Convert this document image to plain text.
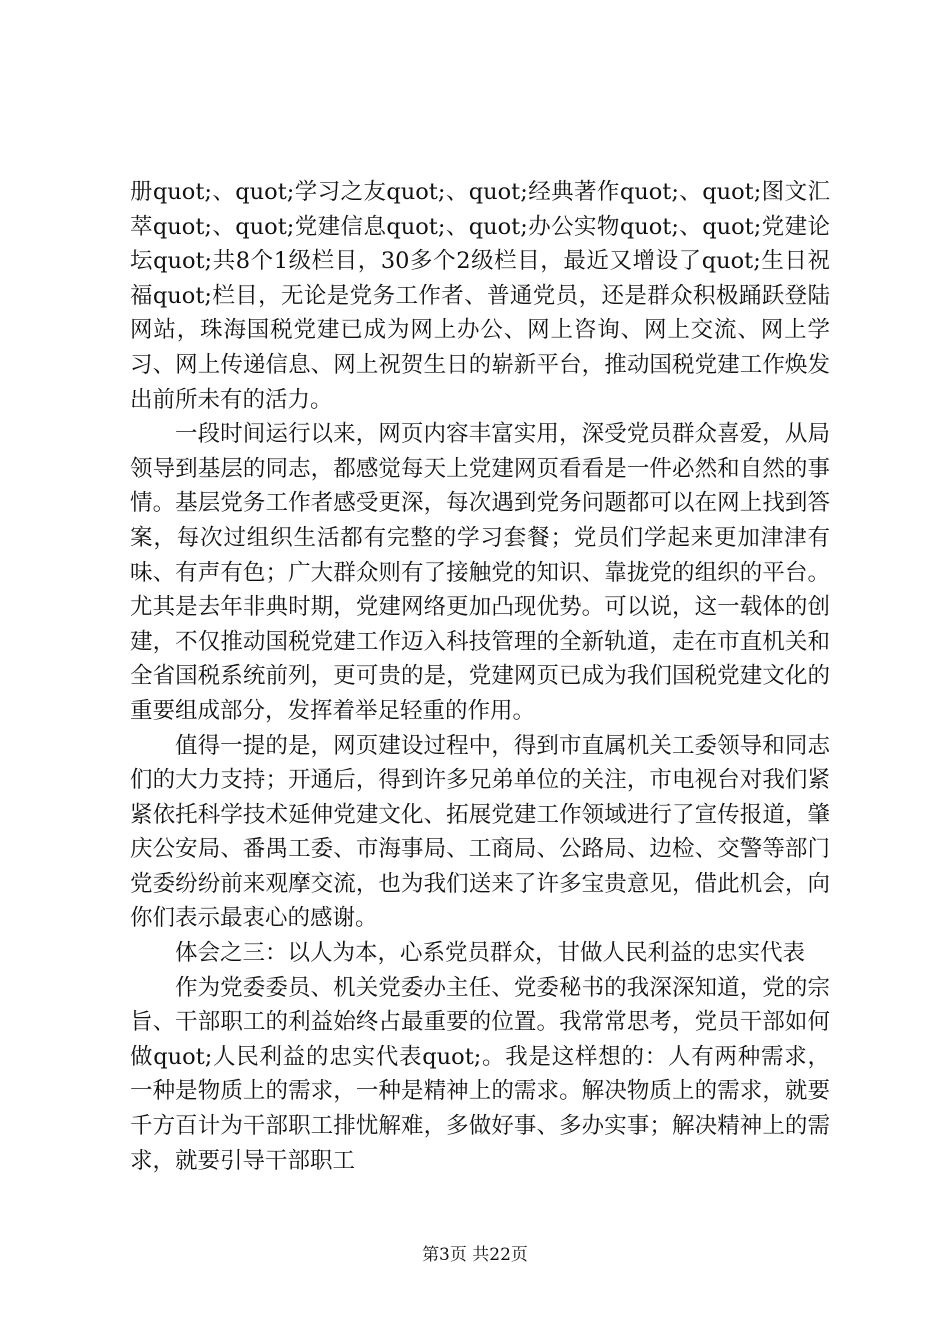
册quot;、quot;学习之友quot;、quot;经典著作quot;、quot;图文汇萃quot;、quot;党建信息quot;、quot;办公实物quot;、quot;党建论坛quot;共8个1级栏目，30多个2级栏目，最近又增设了quot;生日祝福quot;栏目，无论是党务工作者、普通党员，还是群众积极踊跃登陆网站，珠海国税党建已成为网上办公、网上咨询、网上交流、网上学习、网上传递信息、网上祝贺生日的崭新平台，推动国税党建工作焕发出前所未有的活力。

一段时间运行以来，网页内容丰富实用，深受党员群众喜爱，从局领导到基层的同志，都感觉每天上党建网页看看是一件必然和自然的事情。基层党务工作者感受更深，每次遇到党务问题都可以在网上找到答案，每次过组织生活都有完整的学习套餐；党员们学起来更加津津有味、有声有色；广大群众则有了接触党的知识、靠拢党的组织的平台。尤其是去年非典时期，党建网络更加凸现优势。可以说，这一载体的创建，不仅推动国税党建工作迈入科技管理的全新轨道，走在市直机关和全省国税系统前列，更可贵的是，党建网页已成为我们国税党建文化的重要组成部分，发挥着举足轻重的作用。

值得一提的是，网页建设过程中，得到市直属机关工委领导和同志们的大力支持；开通后，得到许多兄弟单位的关注，市电视台对我们紧紧依托科学技术延伸党建文化、拓展党建工作领域进行了宣传报道，肇庆公安局、番禺工委、市海事局、工商局、公路局、边检、交警等部门党委纷纷前来观摩交流，也为我们送来了许多宝贵意见，借此机会，向你们表示最衷心的感谢。

体会之三：以人为本，心系党员群众，甘做人民利益的忠实代表

作为党委委员、机关党委办主任、党委秘书的我深深知道，党的宗旨、干部职工的利益始终占最重要的位置。我常常思考，党员干部如何做quot;人民利益的忠实代表quot;。我是这样想的：人有两种需求，一种是物质上的需求，一种是精神上的需求。解决物质上的需求，就要千方百计为干部职工排忧解难，多做好事、多办实事；解决精神上的需求，就要引导干部职工

第3页 共22页
